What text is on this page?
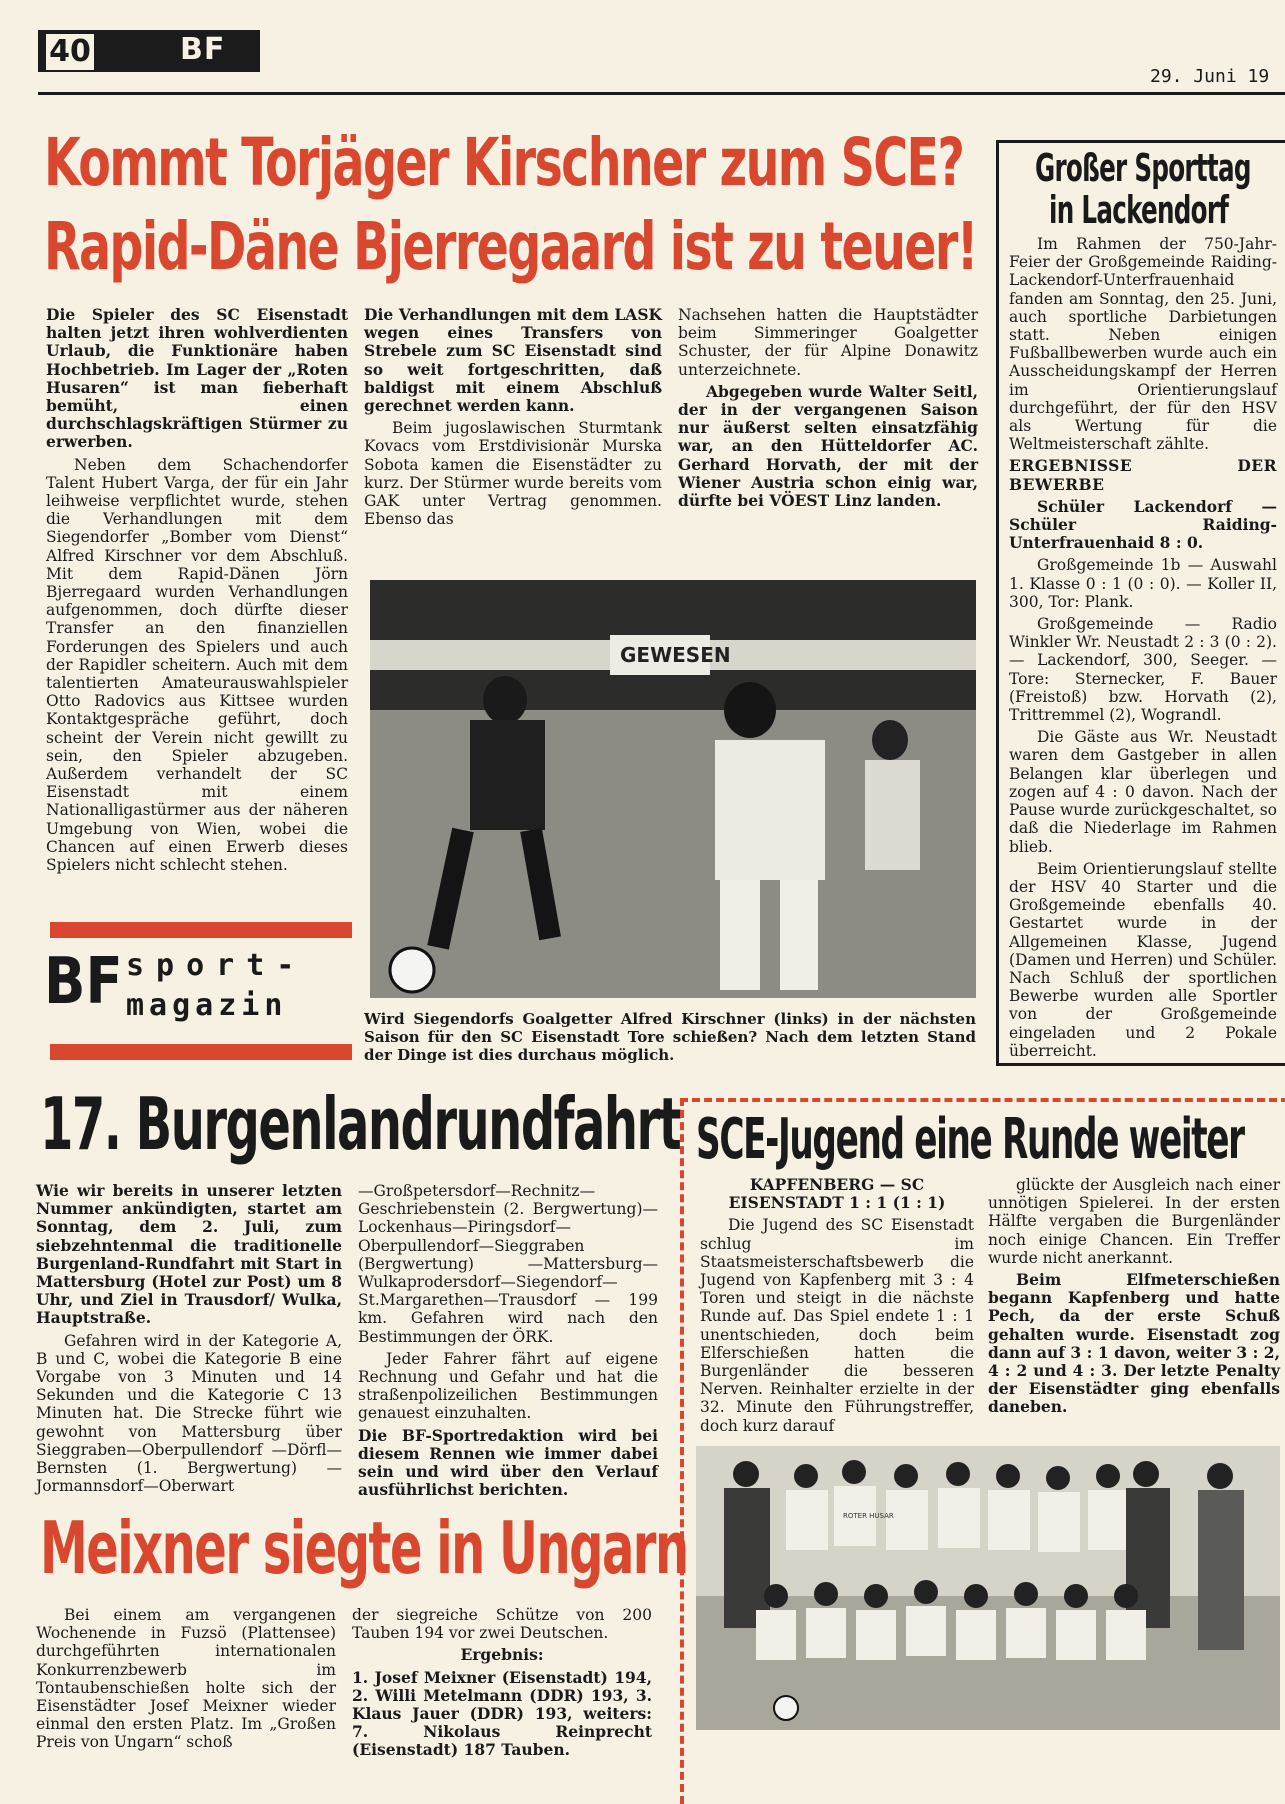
40	BF
29. Juni 19
Kommt Torjäger Kirschner zum SCE?
Rapid-Däne Bjerregaard ist zu teuer!

Die Spieler des SC Eisenstadt halten jetzt ihren wohlverdienten Urlaub, die Funktionäre haben Hochbetrieb. Im Lager der „Roten Husaren“ ist man fieberhaft bemüht, einen durchschlagskräftigen Stürmer zu erwerben.

Neben dem Schachendorfer Talent Hubert Varga, der für ein Jahr leihweise verpflichtet wurde, stehen die Verhandlungen mit dem Siegendorfer „Bomber vom Dienst“ Alfred Kirschner vor dem Abschluß. Mit dem Rapid-Dänen Jörn Bjerregaard wurden Verhandlungen aufgenommen, doch dürfte dieser Transfer an den finanziellen Forderungen des Spielers und auch der Rapidler scheitern. Auch mit dem talentierten Amateurauswahlspieler Otto Radovics aus Kittsee wurden Kontaktgespräche geführt, doch scheint der Verein nicht gewillt zu sein, den Spieler abzugeben. Außerdem verhandelt der SC Eisenstadt mit einem Nationalligastürmer aus der näheren Umgebung von Wien, wobei die Chancen auf einen Erwerb dieses Spielers nicht schlecht stehen.

Die Verhandlungen mit dem LASK wegen eines Transfers von Strebele zum SC Eisenstadt sind so weit fortgeschritten, daß baldigst mit einem Abschluß gerechnet werden kann.

Beim jugoslawischen Sturmtank Kovacs vom Erstdivisionär Murska Sobota kamen die Eisenstädter zu kurz. Der Stürmer wurde bereits vom GAK unter Vertrag genommen. Ebenso das

Nachsehen hatten die Hauptstädter beim Simmeringer Goalgetter Schuster, der für Alpine Donawitz unterzeichnete.

Abgegeben wurde Walter Seitl, der in der vergangenen Saison nur äußerst selten einsatzfähig war, an den Hütteldorfer AC. Gerhard Horvath, der mit der Wiener Austria schon einig war, dürfte bei VÖEST Linz landen.

GEWESEN
Wird Siegendorfs Goalgetter Alfred Kirschner (links) in der nächsten Saison für den SC Eisenstadt Tore schießen? Nach dem letzten Stand der Dinge ist dies durchaus möglich.
BF sport-
magazin
Großer Sporttag
in Lackendorf

Im Rahmen der 750-Jahr-Feier der Großgemeinde Raiding-Lackendorf-Unterfrauenhaid fanden am Sonntag, den 25. Juni, auch sportliche Darbietungen statt. Neben einigen Fußballbewerben wurde auch ein Ausscheidungskampf der Herren im Orientierungslauf durchgeführt, der für den HSV als Wertung für die Weltmeisterschaft zählte.

ERGEBNISSE DER BEWERBE

Schüler Lackendorf — Schüler Raiding-Unterfrauenhaid 8 : 0.

Großgemeinde 1b — Auswahl 1. Klasse 0 : 1 (0 : 0). — Koller II, 300, Tor: Plank.

Großgemeinde — Radio Winkler Wr. Neustadt 2 : 3 (0 : 2). — Lackendorf, 300, Seeger. — Tore: Sternecker, F. Bauer (Freistoß) bzw. Horvath (2), Trittremmel (2), Wograndl.

Die Gäste aus Wr. Neustadt waren dem Gastgeber in allen Belangen klar überlegen und zogen auf 4 : 0 davon. Nach der Pause wurde zurückgeschaltet, so daß die Niederlage im Rahmen blieb.

Beim Orientierungslauf stellte der HSV 40 Starter und die Großgemeinde ebenfalls 40. Gestartet wurde in der Allgemeinen Klasse, Jugend (Damen und Herren) und Schüler. Nach Schluß der sportlichen Bewerbe wurden alle Sportler von der Großgemeinde eingeladen und 2 Pokale überreicht.

17. Burgenlandrundfahrt

Wie wir bereits in unserer letzten Nummer ankündigten, startet am Sonntag, dem 2. Juli, zum siebzehntenmal die traditionelle Burgenland-Rundfahrt mit Start in Mattersburg (Hotel zur Post) um 8 Uhr, und Ziel in Trausdorf/ Wulka, Hauptstraße.

Gefahren wird in der Kategorie A, B und C, wobei die Kategorie B eine Vorgabe von 3 Minuten und 14 Sekunden und die Kategorie C 13 Minuten hat. Die Strecke führt wie gewohnt von Mattersburg über Sieggraben—Oberpullendorf —Dörfl—Bernsten (1. Bergwertung) —Jormannsdorf—Oberwart

—Großpetersdorf—Rechnitz—Geschriebenstein (2. Bergwertung)— Lockenhaus—Piringsdorf—Oberpullendorf—Sieggraben (Bergwertung) —Mattersburg—Wulkaprodersdorf—Siegendorf—St.Margarethen—Trausdorf — 199 km. Gefahren wird nach den Bestimmungen der ÖRK.

Jeder Fahrer fährt auf eigene Rechnung und Gefahr und hat die straßenpolizeilichen Bestimmungen genauest einzuhalten.

Die BF-Sportredaktion wird bei diesem Rennen wie immer dabei sein und wird über den Verlauf ausführlichst berichten.

Meixner siegte in Ungarn

Bei einem am vergangenen Wochenende in Fuzsö (Plattensee) durchgeführten internationalen Konkurrenzbewerb im Tontaubenschießen holte sich der Eisenstädter Josef Meixner wieder einmal den ersten Platz. Im „Großen Preis von Ungarn“ schoß

der siegreiche Schütze von 200 Tauben 194 vor zwei Deutschen.

Ergebnis:

1. Josef Meixner (Eisenstadt) 194, 2. Willi Metelmann (DDR) 193, 3. Klaus Jauer (DDR) 193, weiters: 7. Nikolaus Reinprecht (Eisenstadt) 187 Tauben.

SCE-Jugend eine Runde weiter

KAPFENBERG — SC EISENSTADT 1 : 1 (1 : 1)

Die Jugend des SC Eisenstadt schlug im Staatsmeisterschaftsbewerb die Jugend von Kapfenberg mit 3 : 4 Toren und steigt in die nächste Runde auf. Das Spiel endete 1 : 1 unentschieden, doch beim Elferschießen hatten die Burgenländer die besseren Nerven. Reinhalter erzielte in der 32. Minute den Führungstreffer, doch kurz darauf

glückte der Ausgleich nach einer unnötigen Spielerei. In der ersten Hälfte vergaben die Burgenländer noch einige Chancen. Ein Treffer wurde nicht anerkannt.

Beim Elfmeterschießen begann Kapfenberg und hatte Pech, da der erste Schuß gehalten wurde. Eisenstadt zog dann auf 3 : 1 davon, weiter 3 : 2, 4 : 2 und 4 : 3. Der letzte Penalty der Eisenstädter ging ebenfalls daneben.

ROTER HUSAR
